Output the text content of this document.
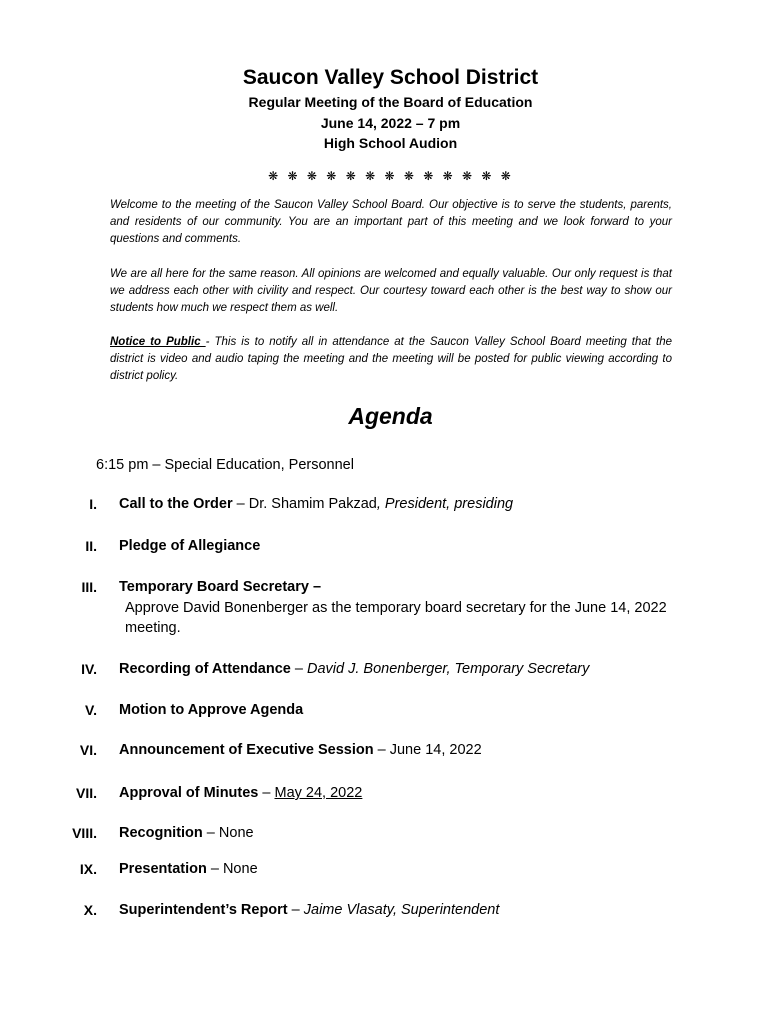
Saucon Valley School District
Regular Meeting of the Board of Education
June 14, 2022 – 7 pm
High School Audion
❋ ❋ ❋ ❋ ❋ ❋ ❋ ❋ ❋ ❋ ❋ ❋ ❋

Welcome to the meeting of the Saucon Valley School Board. Our objective is to serve the students, parents, and residents of our community. You are an important part of this meeting and we look forward to your questions and comments.

We are all here for the same reason. All opinions are welcomed and equally valuable. Our only request is that we address each other with civility and respect. Our courtesy toward each other is the best way to show our students how much we respect them as well.

Notice to Public - This is to notify all in attendance at the Saucon Valley School Board meeting that the district is video and audio taping the meeting and the meeting will be posted for public viewing according to district policy.

Agenda
6:15 pm – Special Education, Personnel
I. Call to the Order – Dr. Shamim Pakzad, President, presiding
II. Pledge of Allegiance
III. Temporary Board Secretary –
Approve David Bonenberger as the temporary board secretary for the June 14, 2022 meeting.
IV. Recording of Attendance – David J. Bonenberger, Temporary Secretary
V. Motion to Approve Agenda
VI. Announcement of Executive Session – June 14, 2022
VII. Approval of Minutes – May 24, 2022
VIII. Recognition – None
IX. Presentation – None
X. Superintendent’s Report – Jaime Vlasaty, Superintendent
